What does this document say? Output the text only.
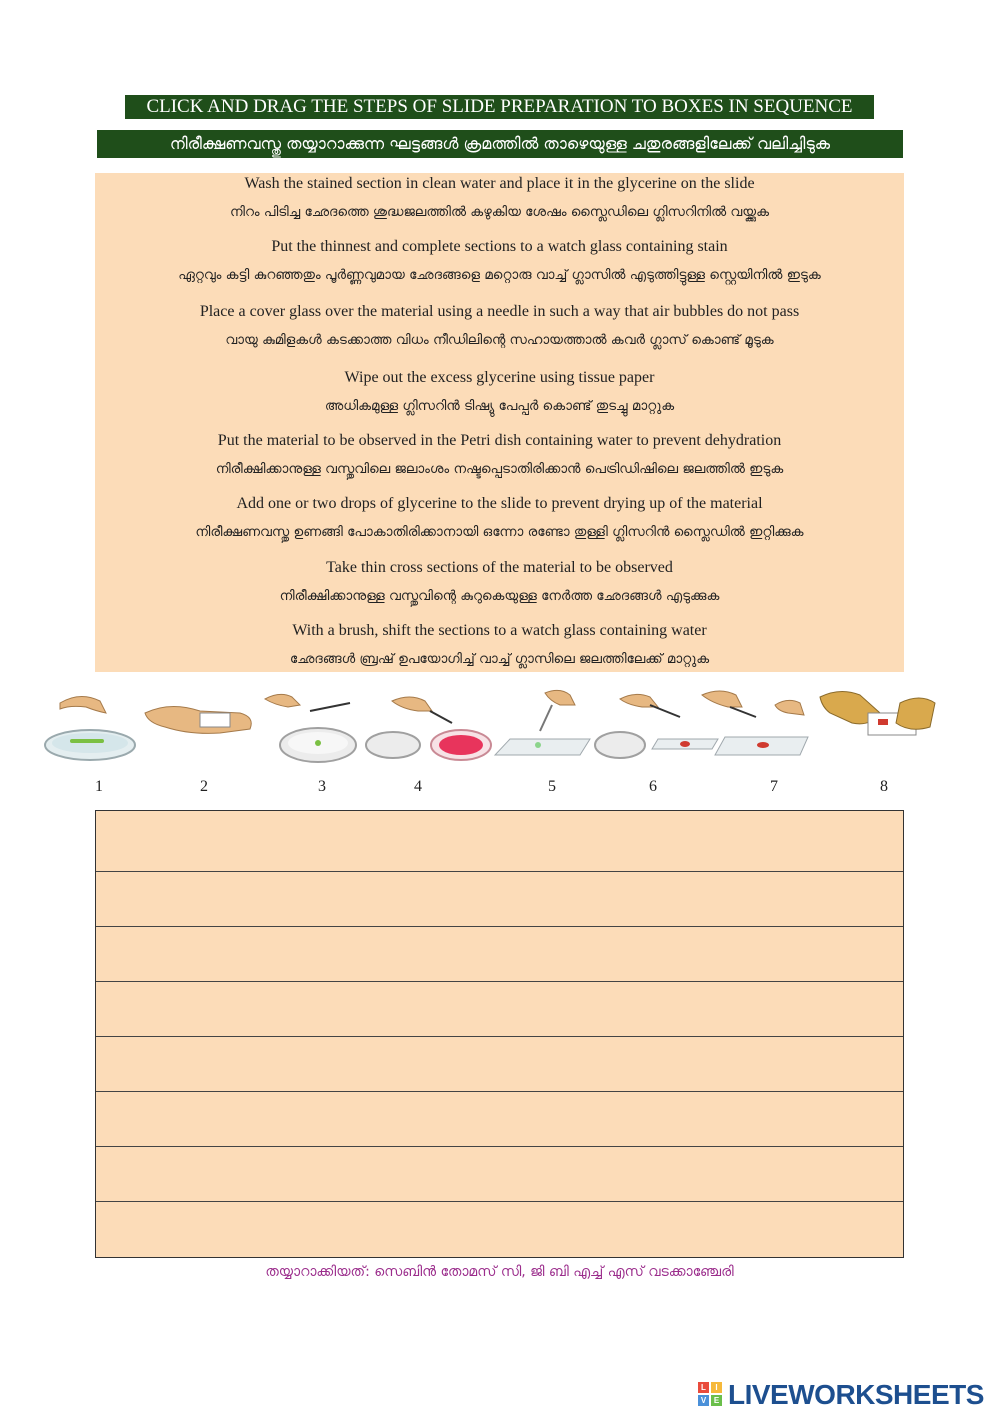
CLICK AND DRAG THE STEPS OF SLIDE PREPARATION TO BOXES IN SEQUENCE
നിരീക്ഷണവസ്തു തയ്യാറാക്കുന്ന ഘട്ടങ്ങൾ ക്രമത്തിൽ താഴെയുള്ള ചതുരങ്ങളിലേക്ക് വലിച്ചിടുക
Wash the stained section in clean water and place it in the glycerine on the slide
നിറം പിടിച്ച ഛേദത്തെ ശുദ്ധജലത്തിൽ കഴുകിയ ശേഷം സ്ലൈഡിലെ ഗ്ലിസറിനിൽ വയ്ക്കുക
Put the thinnest and complete sections to a watch glass containing stain
ഏറ്റവും കട്ടി കുറഞ്ഞതും പൂർണ്ണവുമായ ഛേദങ്ങളെ മറ്റൊരു വാച്ച് ഗ്ലാസിൽ എടുത്തിട്ടുള്ള സ്റ്റെയിനിൽ ഇടുക
Place a cover glass over the material using a needle in such a way that air bubbles do not pass
വായു കുമിളകൾ കടക്കാത്ത വിധം നീഡിലിന്റെ സഹായത്താൽ കവർ ഗ്ലാസ് കൊണ്ട് മൂടുക
Wipe out the excess glycerine using tissue paper
അധികമുള്ള ഗ്ലിസറിൻ ടിഷ്യു പേപ്പർ കൊണ്ട് തുടച്ചു മാറ്റുക
Put the material to be observed in the Petri dish containing water to prevent dehydration
നിരീക്ഷിക്കാനുള്ള വസ്തുവിലെ ജലാംശം നഷ്ടപ്പെടാതിരിക്കാൻ പെട്രിഡിഷിലെ ജലത്തിൽ ഇടുക
Add one or two drops of glycerine to the slide to prevent drying up of the material
നിരീക്ഷണവസ്തു ഉണങ്ങി പോകാതിരിക്കാനായി ഒന്നോ രണ്ടോ തുള്ളി ഗ്ലിസറിൻ സ്ലൈഡിൽ ഇറ്റിക്കുക
Take thin cross sections of the material to be observed
നിരീക്ഷിക്കാനുള്ള വസ്തുവിന്റെ കുറുകെയുള്ള നേർത്ത ഛേദങ്ങൾ എടുക്കുക
With a brush, shift the sections to a watch glass containing water
ഛേദങ്ങൾ ബ്രഷ് ഉപയോഗിച്ച് വാച്ച് ഗ്ലാസിലെ ജലത്തിലേക്ക് മാറ്റുക
1	2	3	4	5	6	7	8
തയ്യാറാക്കിയത്: സെബിൻ തോമസ് സി, ജി ബി എച്ച് എസ് വടക്കാഞ്ചേരി
L	I
V E LIVEWORKSHEETS
